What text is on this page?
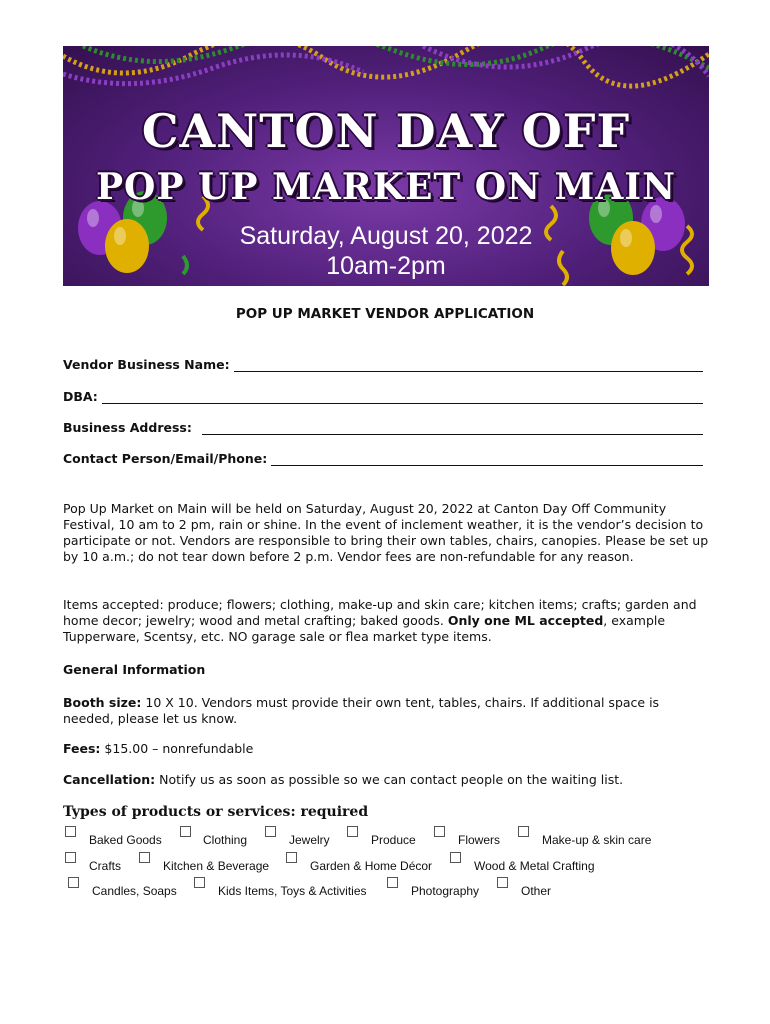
CANTON DAY OFF
POP UP MARKET ON MAIN
Saturday, August 20, 2022
10am-2pm
POP UP MARKET VENDOR APPLICATION
Vendor Business Name:
DBA:
Business Address:
Contact Person/Email/Phone:
Pop Up Market on Main will be held on Saturday, August 20, 2022 at Canton Day Off Community Festival, 10 am to 2 pm, rain or shine. In the event of inclement weather, it is the vendor’s decision to participate or not. Vendors are responsible to bring their own tables, chairs, canopies. Please be set up by 10 a.m.; do not tear down before 2 p.m. Vendor fees are non-refundable for any reason.
Items accepted: produce; flowers; clothing, make-up and skin care; kitchen items; crafts; garden and home decor; jewelry; wood and metal crafting; baked goods. Only one ML accepted, example Tupperware, Scentsy, etc. NO garage sale or flea market type items.
General Information
Booth size: 10 X 10. Vendors must provide their own tent, tables, chairs. If additional space is needed, please let us know.
Fees: $15.00 – nonrefundable
Cancellation: Notify us as soon as possible so we can contact people on the waiting list.
Types of products or services: required
Baked Goods	Clothing	Jewelry	Produce	Flowers	Make-up & skin care
Crafts	Kitchen & Beverage	Garden & Home Décor	Wood & Metal Crafting
Candles, Soaps	Kids Items, Toys & Activities	Photography	Other
